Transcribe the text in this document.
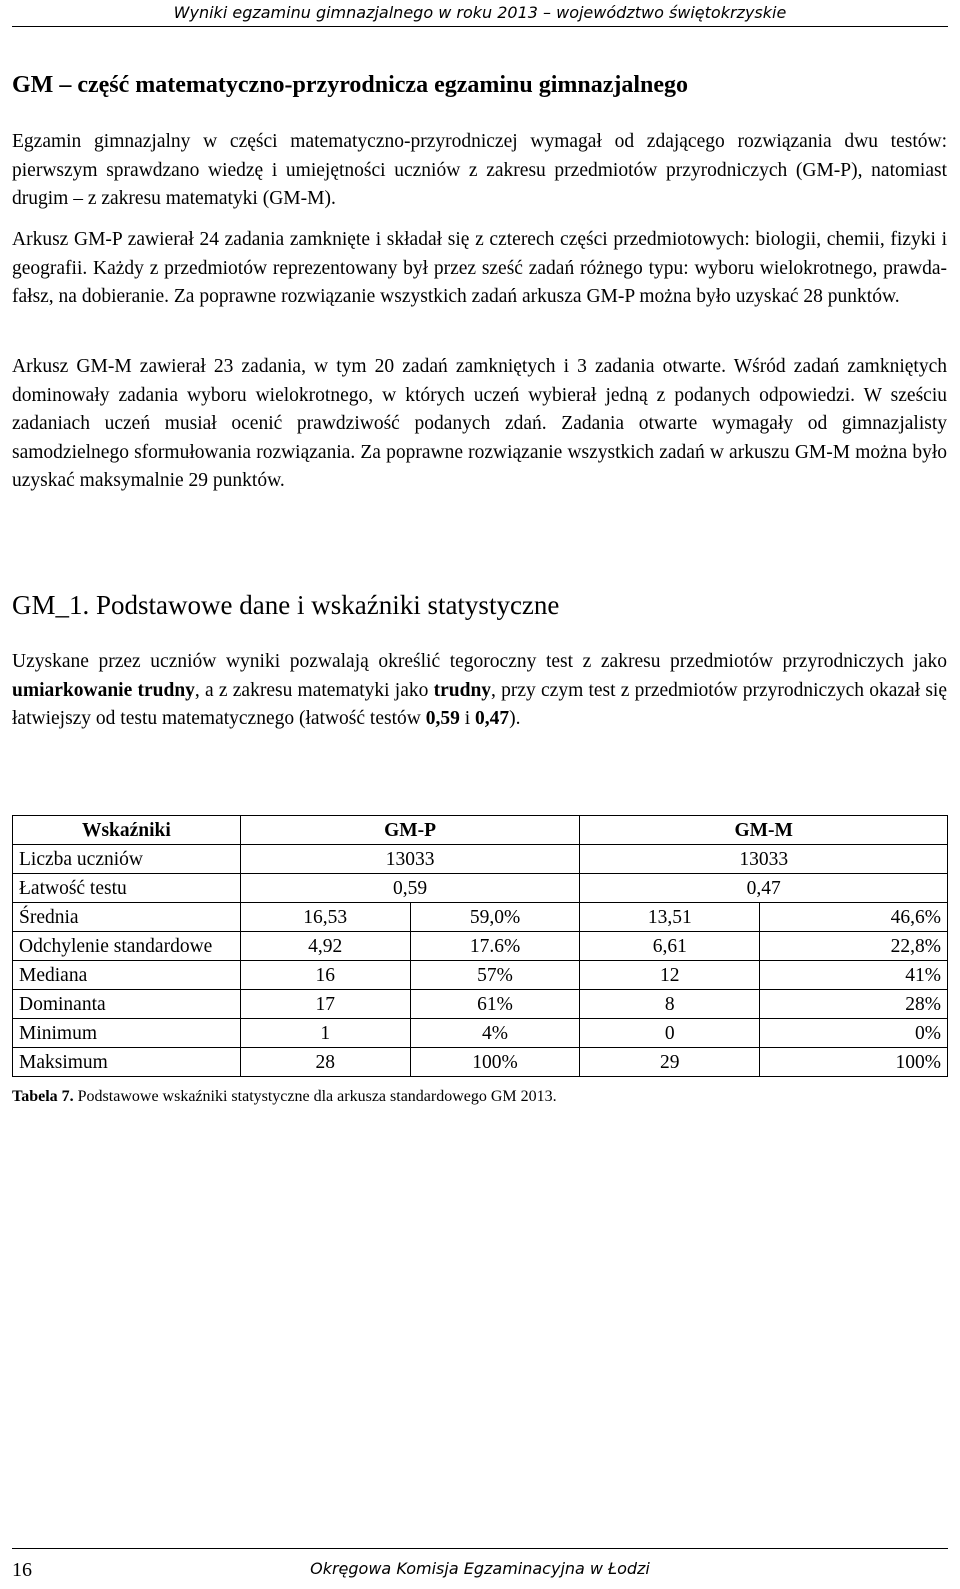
Wyniki egzaminu gimnazjalnego w roku 2013 – województwo świętokrzyskie
GM – część matematyczno-przyrodnicza egzaminu gimnazjalnego

Egzamin gimnazjalny w części matematyczno-przyrodniczej wymagał od zdającego rozwiązania dwu testów: pierwszym sprawdzano wiedzę i umiejętności uczniów z zakresu przedmiotów przyrodniczych (GM-P), natomiast drugim – z zakresu matematyki (GM-M).

Arkusz GM-P zawierał 24 zadania zamknięte i składał się z czterech części przedmiotowych: biologii, chemii, fizyki i geografii. Każdy z przedmiotów reprezentowany był przez sześć zadań różnego typu: wyboru wielokrotnego, prawda-fałsz, na dobieranie. Za poprawne rozwiązanie wszystkich zadań arkusza GM-P można było uzyskać 28 punktów.

Arkusz GM-M zawierał 23 zadania, w tym 20 zadań zamkniętych i 3 zadania otwarte. Wśród zadań zamkniętych dominowały zadania wyboru wielokrotnego, w których uczeń wybierał jedną z podanych odpowiedzi. W sześciu zadaniach uczeń musiał ocenić prawdziwość podanych zdań. Zadania otwarte wymagały od gimnazjalisty samodzielnego sformułowania rozwiązania. Za poprawne rozwiązanie wszystkich zadań w arkuszu GM-M można było uzyskać maksymalnie 29 punktów.

GM_1. Podstawowe dane i wskaźniki statystyczne

Uzyskane przez uczniów wyniki pozwalają określić tegoroczny test z zakresu przedmiotów przyrodniczych jako umiarkowanie trudny, a z zakresu matematyki jako trudny, przy czym test z przedmiotów przyrodniczych okazał się łatwiejszy od testu matematycznego (łatwość testów 0,59 i 0,47).

Wskaźniki	GM-P		GM-M	
Liczba uczniów	13033		13033	
Łatwość testu	0,59		0,47	
Średnia	16,53	59,0%	13,51	46,6%
Odchylenie standardowe	4,92	17.6%	6,61	22,8%
Mediana	16	57%	12	41%
Dominanta	17	61%	8	28%
Minimum	1	4%	0	0%
Maksimum	28	100%	29	100%
Tabela 7. Podstawowe wskaźniki statystyczne dla arkusza standardowego GM 2013.
16	Okręgowa Komisja Egzaminacyjna w Łodzi
